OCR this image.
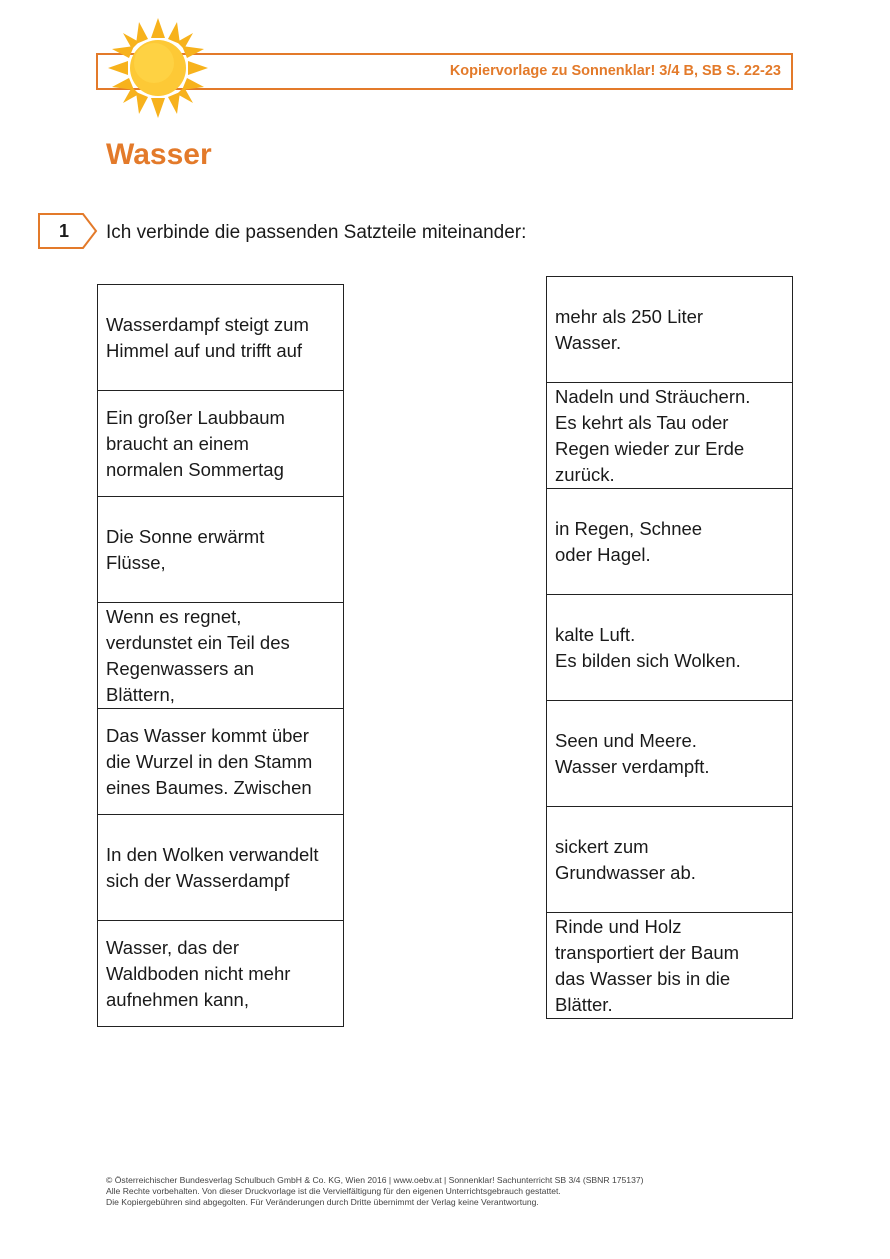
Kopiervorlage zu Sonnenklar! 3/4 B, SB S. 22-23
Wasser
1	Ich verbinde die passenden Satzteile miteinander:
Wasserdampf steigt zum
Himmel auf und trifft auf
Ein großer Laubbaum
braucht an einem
normalen Sommertag
Die Sonne erwärmt
Flüsse,
Wenn es regnet,
verdunstet ein Teil des
Regenwassers an
Blättern,
Das Wasser kommt über
die Wurzel in den Stamm
eines Baumes. Zwischen
In den Wolken verwandelt
sich der Wasserdampf
Wasser, das der
Waldboden nicht mehr
aufnehmen kann,
mehr als 250 Liter
Wasser.
Nadeln und Sträuchern.
Es kehrt als Tau oder
Regen wieder zur Erde
zurück.
in Regen, Schnee
oder Hagel.
kalte Luft.
Es bilden sich Wolken.
Seen und Meere.
Wasser verdampft.
sickert zum
Grundwasser ab.
Rinde und Holz
transportiert der Baum
das Wasser bis in die
Blätter.
© Österreichischer Bundesverlag Schulbuch GmbH & Co. KG, Wien 2016 | www.oebv.at | Sonnenklar! Sachunterricht SB 3/4 (SBNR 175137)
Alle Rechte vorbehalten. Von dieser Druckvorlage ist die Vervielfältigung für den eigenen Unterrichtsgebrauch gestattet.
Die Kopiergebühren sind abgegolten. Für Veränderungen durch Dritte übernimmt der Verlag keine Verantwortung.
